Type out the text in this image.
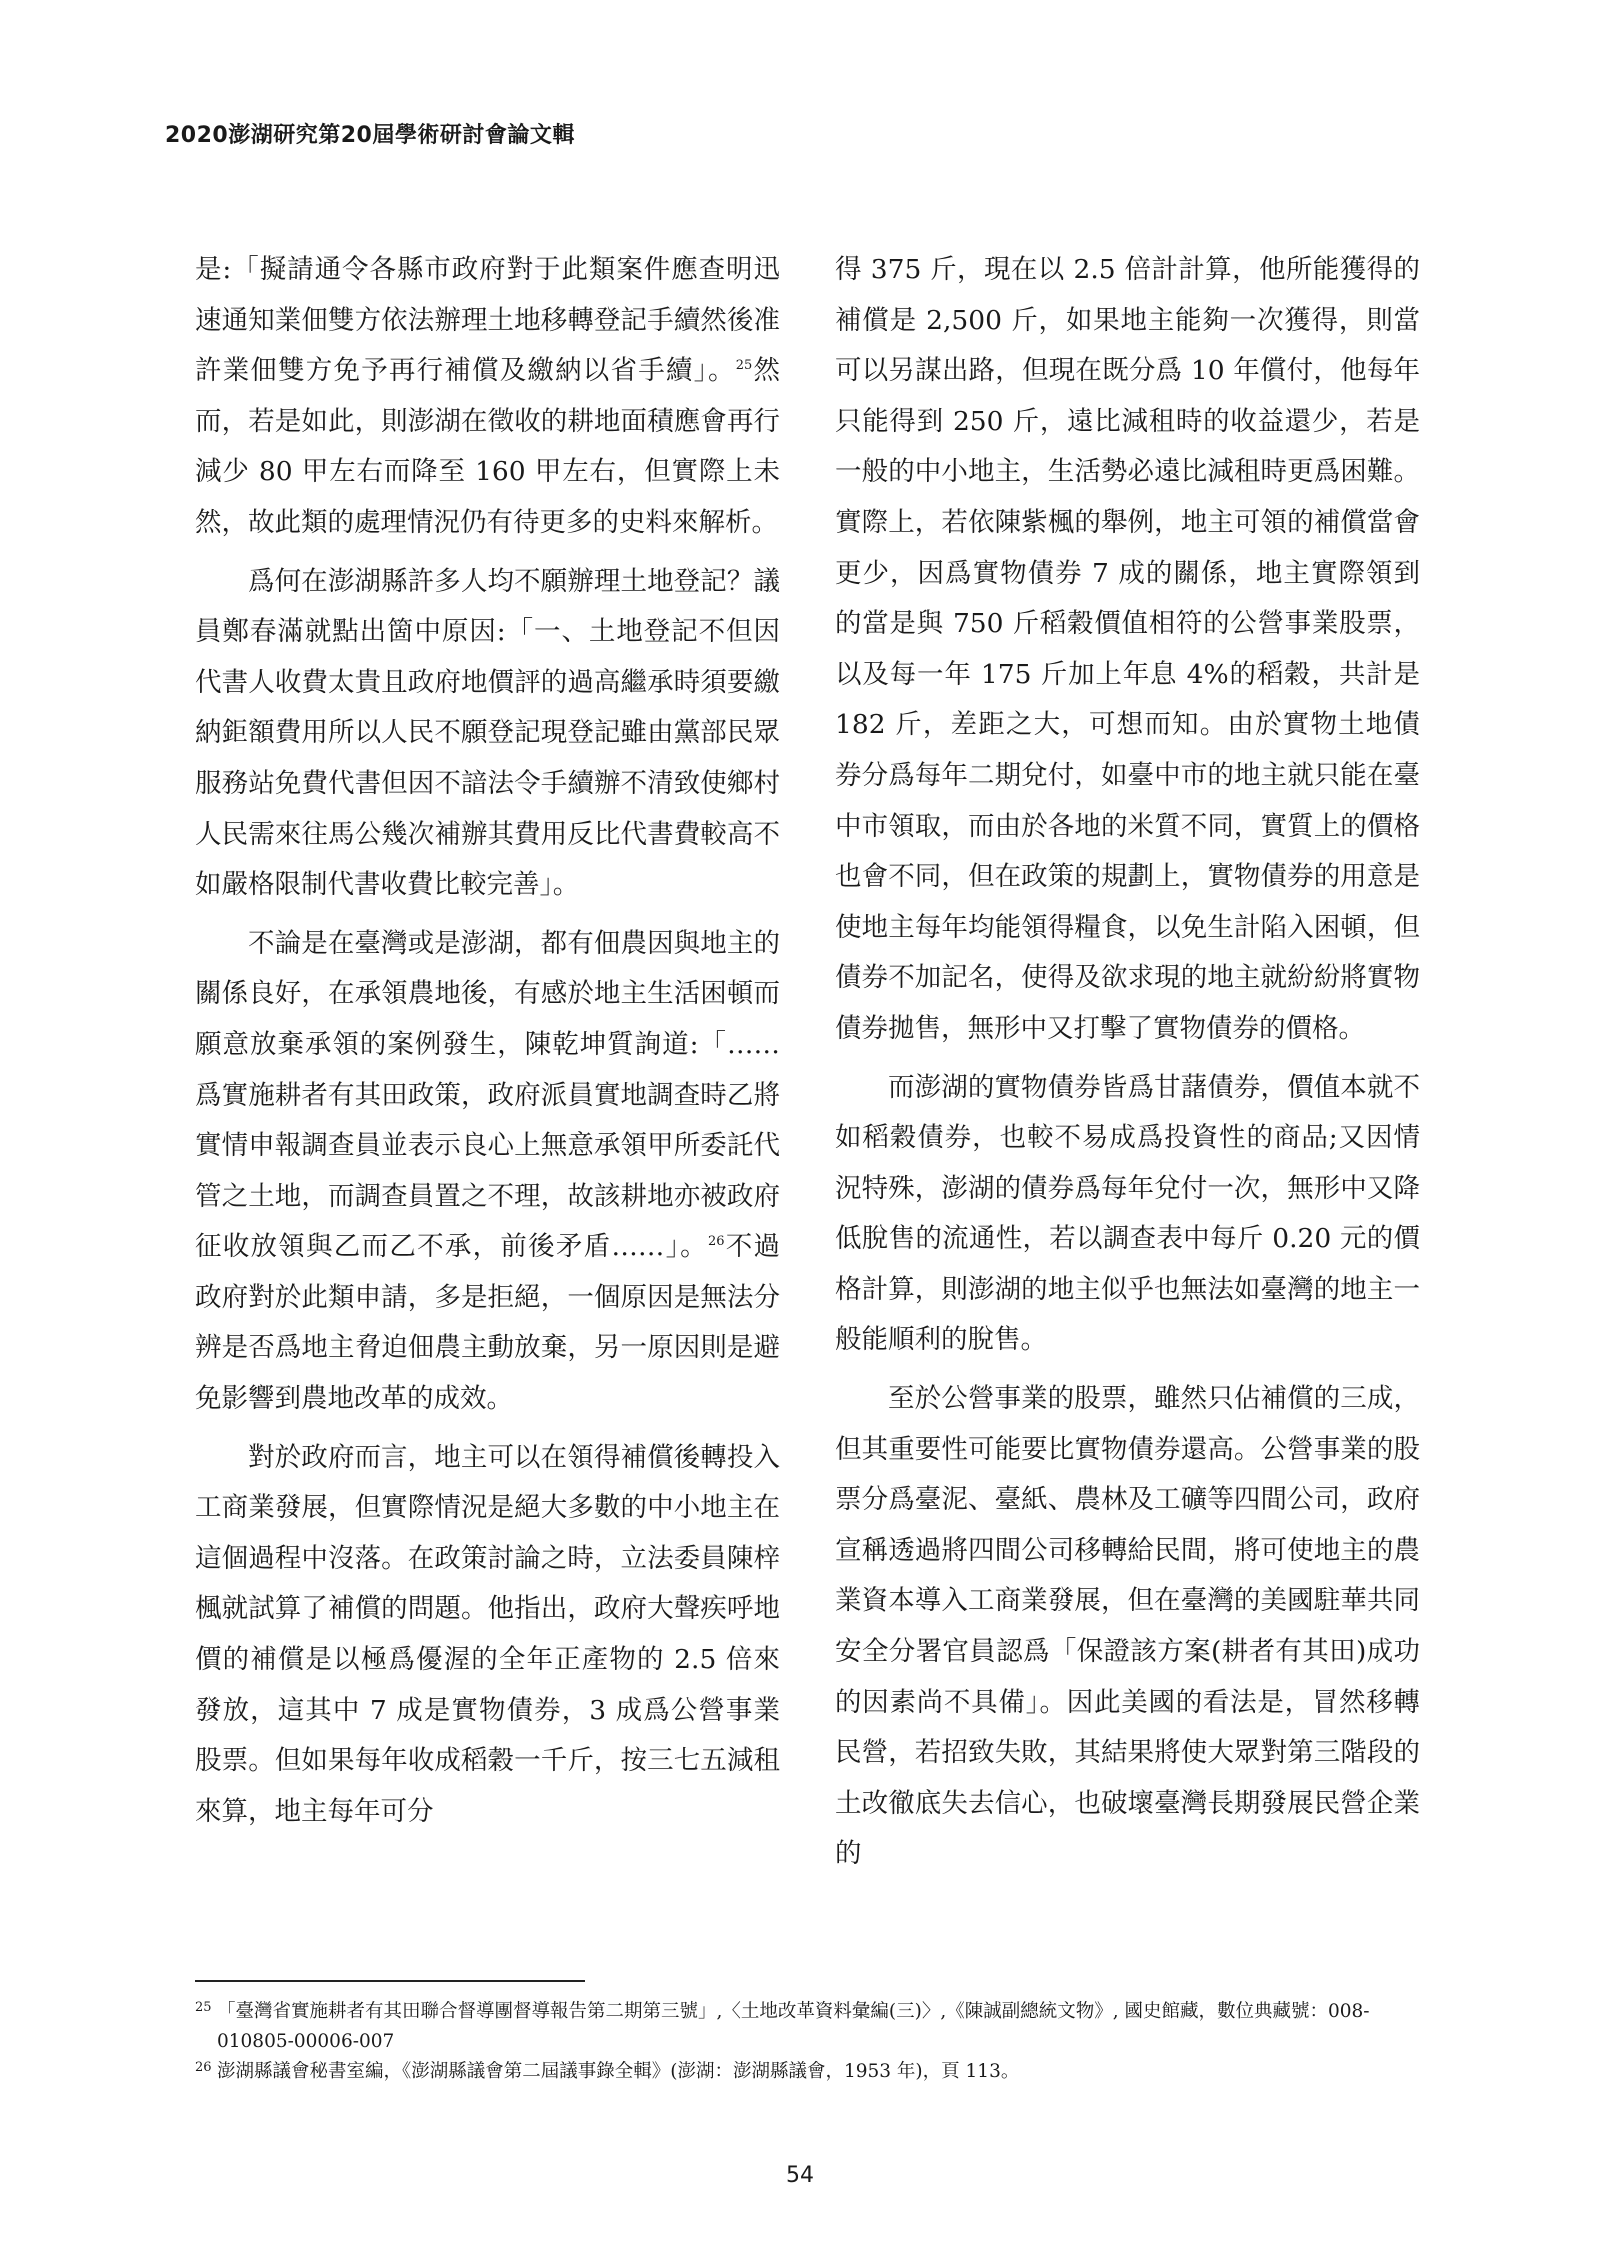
2020澎湖研究第20屆學術研討會論文輯

是:「擬請通令各縣市政府對于此類案件應查明迅速通知業佃雙方依法辦理土地移轉登記手續然後准許業佃雙方免予再行補償及繳納以省手續」。$^{25}$然而，若是如此，則澎湖在徵收的耕地面積應會再行減少 80 甲左右而降至 160 甲左右，但實際上未然，故此類的處理情況仍有待更多的史料來解析。

爲何在澎湖縣許多人均不願辦理土地登記？議員鄭春滿就點出箇中原因:「一、土地登記不但因代書人收費太貴且政府地價評的過高繼承時須要繳納鉅額費用所以人民不願登記現登記雖由黨部民眾服務站免費代書但因不諳法令手續辦不清致使鄉村人民需來往馬公幾次補辦其費用反比代書費較高不如嚴格限制代書收費比較完善」。

不論是在臺灣或是澎湖，都有佃農因與地主的關係良好，在承領農地後，有感於地主生活困頓而願意放棄承領的案例發生，陳乾坤質詢道:「……爲實施耕者有其田政策，政府派員實地調查時乙將實情申報調查員並表示良心上無意承領甲所委託代管之土地，而調查員置之不理，故該耕地亦被政府征收放領與乙而乙不承，前後矛盾……」。$^{26}$不過政府對於此類申請，多是拒絕，一個原因是無法分辨是否爲地主脅迫佃農主動放棄，另一原因則是避免影響到農地改革的成效。

對於政府而言，地主可以在領得補償後轉投入工商業發展，但實際情況是絕大多數的中小地主在這個過程中沒落。在政策討論之時，立法委員陳梓楓就試算了補償的問題。他指出，政府大聲疾呼地價的補償是以極爲優渥的全年正產物的 2.5 倍來發放，這其中 7 成是實物債券，3 成爲公營事業股票。但如果每年收成稻穀一千斤，按三七五減租來算，地主每年可分

得 375 斤，現在以 2.5 倍計計算，他所能獲得的補償是 2,500 斤，如果地主能夠一次獲得，則當可以另謀出路，但現在既分爲 10 年償付，他每年只能得到 250 斤，遠比減租時的收益還少，若是一般的中小地主，生活勢必遠比減租時更爲困難。實際上，若依陳紫楓的舉例，地主可領的補償當會更少，因爲實物債券 7 成的關係，地主實際領到的當是與 750 斤稻穀價值相符的公營事業股票，以及每一年 175 斤加上年息 4%的稻穀，共計是 182 斤，差距之大，可想而知。由於實物土地債券分爲每年二期兌付，如臺中市的地主就只能在臺中市領取，而由於各地的米質不同，實質上的價格也會不同，但在政策的規劃上，實物債券的用意是使地主每年均能領得糧食，以免生計陷入困頓，但債券不加記名，使得及欲求現的地主就紛紛將實物債券拋售，無形中又打擊了實物債券的價格。

而澎湖的實物債券皆爲甘藷債券，價值本就不如稻穀債券，也較不易成爲投資性的商品;又因情況特殊，澎湖的債券爲每年兌付一次，無形中又降低脫售的流通性，若以調查表中每斤 0.20 元的價格計算，則澎湖的地主似乎也無法如臺灣的地主一般能順利的脫售。

至於公營事業的股票，雖然只佔補償的三成，但其重要性可能要比實物債券還高。公營事業的股票分爲臺泥、臺紙、農林及工礦等四間公司，政府宣稱透過將四間公司移轉給民間，將可使地主的農業資本導入工商業發展，但在臺灣的美國駐華共同安全分署官員認爲「保證該方案(耕者有其田)成功的因素尚不具備」。因此美國的看法是，冒然移轉民營，若招致失敗，其結果將使大眾對第三階段的土改徹底失去信心，也破壞臺灣長期發展民營企業的

25 「臺灣省實施耕者有其田聯合督導團督導報告第二期第三號」,〈土地改革資料彙編(三)〉,《陳誠副總統文物》, 國史館藏，數位典藏號：008-010805-00006-007

26 澎湖縣議會秘書室編，《澎湖縣議會第二屆議事錄全輯》(澎湖：澎湖縣議會，1953 年)，頁 113。

54
